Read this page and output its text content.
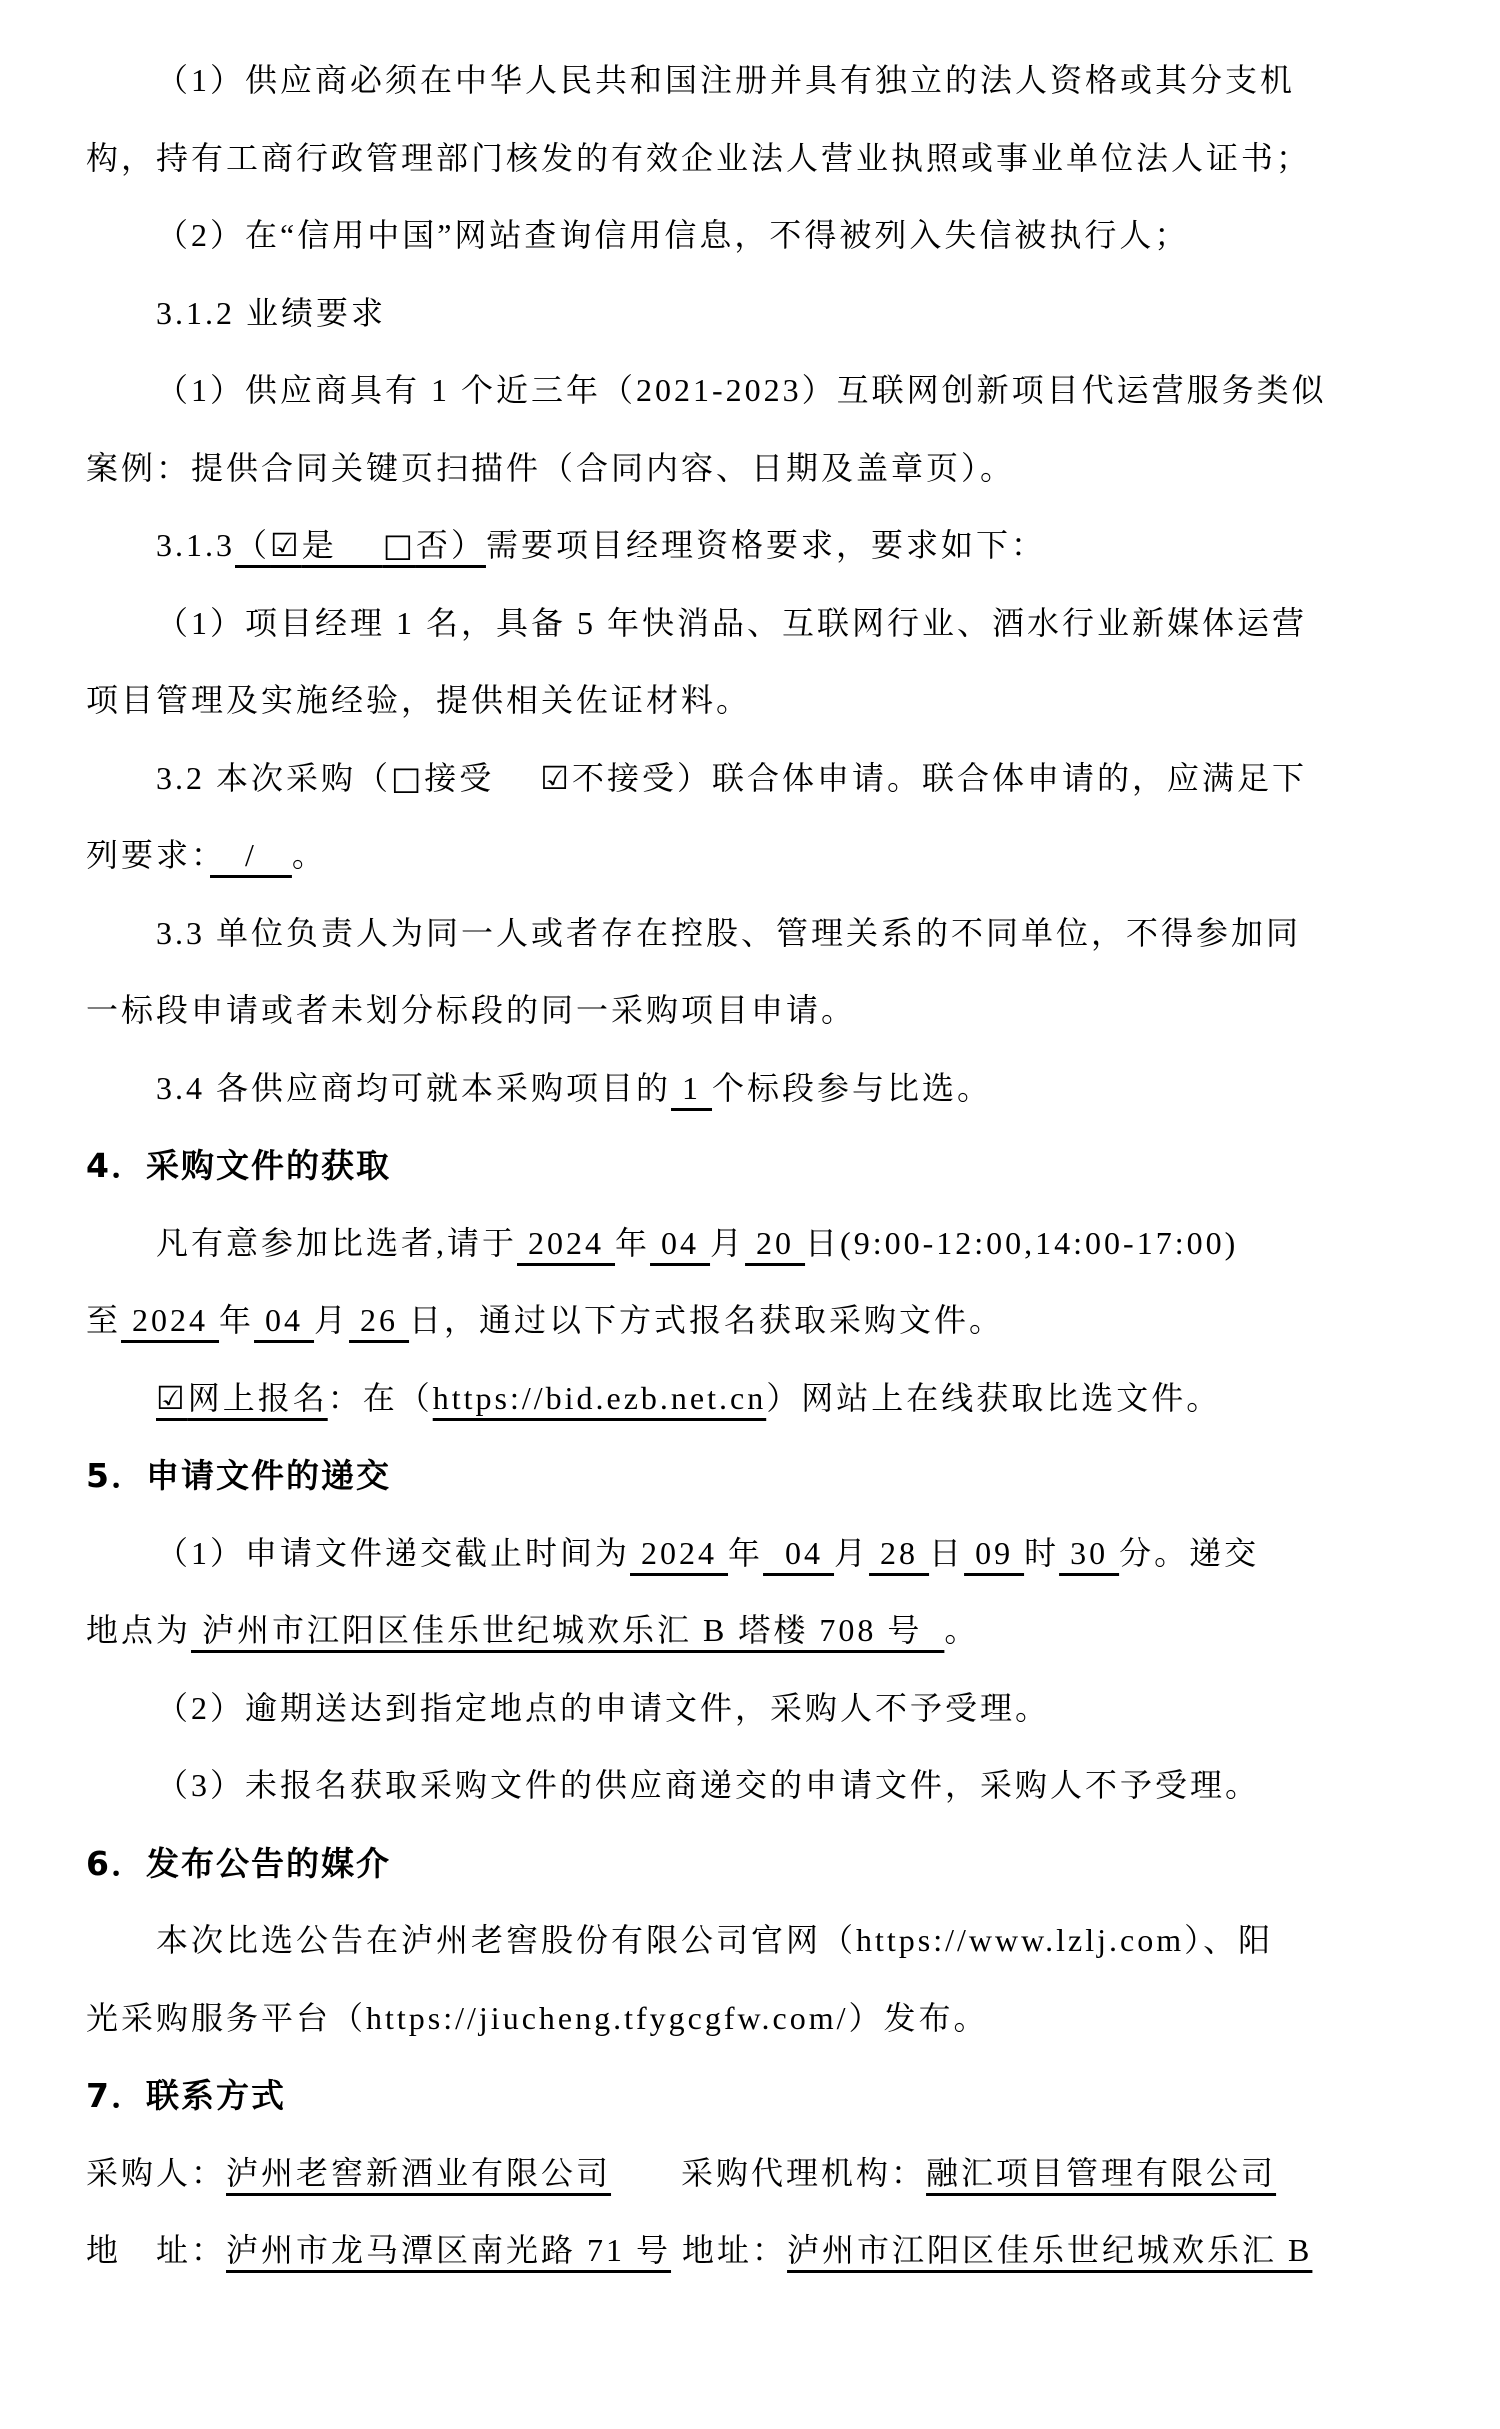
（1）供应商必须在中华人民共和国注册并具有独立的法人资格或其分支机
构，持有工商行政管理部门核发的有效企业法人营业执照或事业单位法人证书；
（2）在“信用中国”网站查询信用信息，不得被列入失信被执行人；
3.1.2 业绩要求
（1）供应商具有 1 个近三年（2021-2023）互联网创新项目代运营服务类似
案例：提供合同关键页扫描件（合同内容、日期及盖章页）。
3.1.3（☑是　 □否）需要项目经理资格要求，要求如下：
（1）项目经理 1 名，具备 5 年快消品、互联网行业、酒水行业新媒体运营
项目管理及实施经验，提供相关佐证材料。
3.2 本次采购（□接受　 ☑不接受）联合体申请。联合体申请的，应满足下
列要求：　/　。
3.3 单位负责人为同一人或者存在控股、管理关系的不同单位，不得参加同
一标段申请或者未划分标段的同一采购项目申请。
3.4 各供应商均可就本采购项目的 1 个标段参与比选。
4．采购文件的获取
凡有意参加比选者,请于 2024 年 04 月 20 日(9:00-12:00,14:00-17:00)
至 2024 年 04 月 26 日，通过以下方式报名获取采购文件。
☑网上报名：在（https://bid.ezb.net.cn）网站上在线获取比选文件。
5．申请文件的递交
（1）申请文件递交截止时间为 2024 年  04 月 28 日 09 时 30 分。递交
地点为 泸州市江阳区佳乐世纪城欢乐汇 B 塔楼 708 号  。
（2）逾期送达到指定地点的申请文件，采购人不予受理。
（3）未报名获取采购文件的供应商递交的申请文件，采购人不予受理。
6．发布公告的媒介
本次比选公告在泸州老窖股份有限公司官网（https://www.lzlj.com）、阳
光采购服务平台（https://jiucheng.tfygcgfw.com/）发布。
7．联系方式
采购人：泸州老窖新酒业有限公司　　采购代理机构：融汇项目管理有限公司
地　址：泸州市龙马潭区南光路 71 号 地址：泸州市江阳区佳乐世纪城欢乐汇 B
